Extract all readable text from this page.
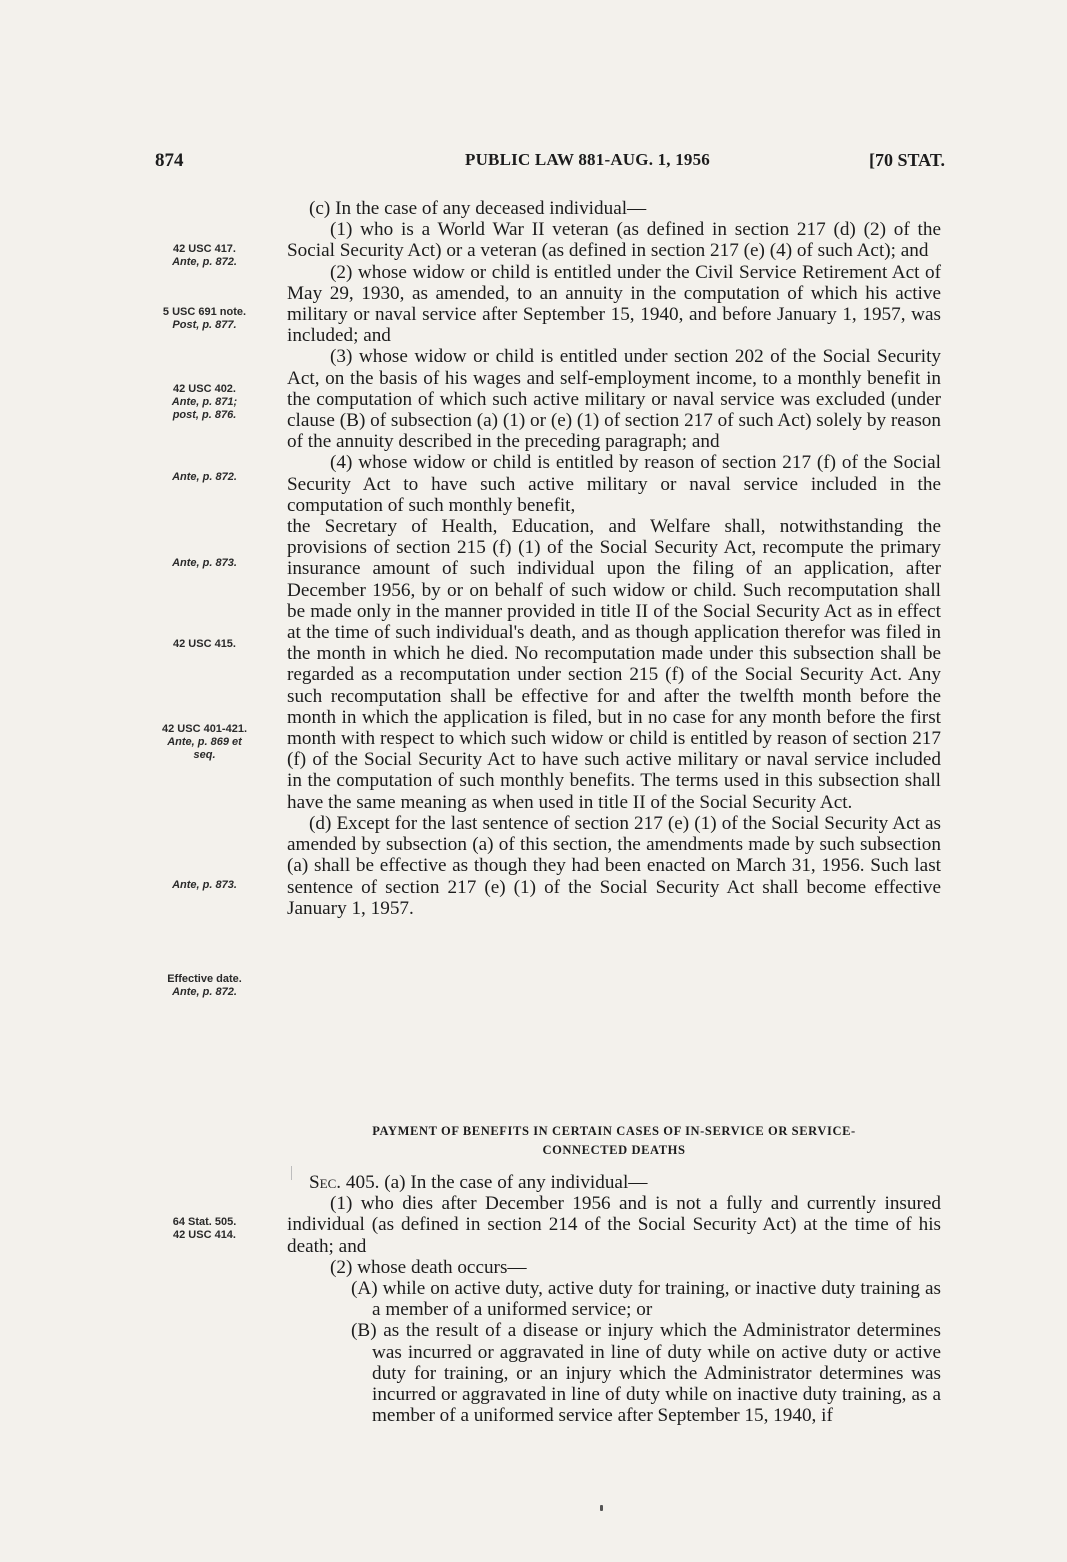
874	PUBLIC LAW 881-AUG. 1, 1956	[70 STAT.
42 USC 417.
Ante, p. 872.
5 USC 691 note.
Post, p. 877.
42 USC 402.
Ante, p. 871;
post, p. 876.
Ante, p. 872.
Ante, p. 873.
42 USC 415.
42 USC 401-421.
Ante, p. 869 et
seq.
Ante, p. 873.
Effective date.
Ante, p. 872.
64 Stat. 505.
42 USC 414.

(c) In the case of any deceased individual—

(1) who is a World War II veteran (as defined in section 217 (d) (2) of the Social Security Act) or a veteran (as defined in section 217 (e) (4) of such Act); and

(2) whose widow or child is entitled under the Civil Service Retirement Act of May 29, 1930, as amended, to an annuity in the computation of which his active military or naval service after September 15, 1940, and before January 1, 1957, was included; and

(3) whose widow or child is entitled under section 202 of the Social Security Act, on the basis of his wages and self-employment income, to a monthly benefit in the computation of which such active military or naval service was excluded (under clause (B) of subsection (a) (1) or (e) (1) of section 217 of such Act) solely by reason of the annuity described in the preceding paragraph; and

(4) whose widow or child is entitled by reason of section 217 (f) of the Social Security Act to have such active military or naval service included in the computation of such monthly benefit,

the Secretary of Health, Education, and Welfare shall, notwithstanding the provisions of section 215 (f) (1) of the Social Security Act, recompute the primary insurance amount of such individual upon the filing of an application, after December 1956, by or on behalf of such widow or child. Such recomputation shall be made only in the manner provided in title II of the Social Security Act as in effect at the time of such individual's death, and as though application therefor was filed in the month in which he died. No recomputation made under this subsection shall be regarded as a recomputation under section 215 (f) of the Social Security Act. Any such recomputation shall be effective for and after the twelfth month before the month in which the application is filed, but in no case for any month before the first month with respect to which such widow or child is entitled by reason of section 217 (f) of the Social Security Act to have such active military or naval service included in the computation of such monthly benefits. The terms used in this subsection shall have the same meaning as when used in title II of the Social Security Act.

(d) Except for the last sentence of section 217 (e) (1) of the Social Security Act as amended by subsection (a) of this section, the amendments made by such subsection (a) shall be effective as though they had been enacted on March 31, 1956. Such last sentence of section 217 (e) (1) of the Social Security Act shall become effective January 1, 1957.

PAYMENT OF BENEFITS IN CERTAIN CASES OF IN-SERVICE OR SERVICE-
CONNECTED DEATHS

Sec. 405. (a) In the case of any individual—

(1) who dies after December 1956 and is not a fully and currently insured individual (as defined in section 214 of the Social Security Act) at the time of his death; and

(2) whose death occurs—

(A) while on active duty, active duty for training, or inactive duty training as a member of a uniformed service; or

(B) as the result of a disease or injury which the Administrator determines was incurred or aggravated in line of duty while on active duty or active duty for training, or an injury which the Administrator determines was incurred or aggravated in line of duty while on inactive duty training, as a member of a uniformed service after September 15, 1940, if
